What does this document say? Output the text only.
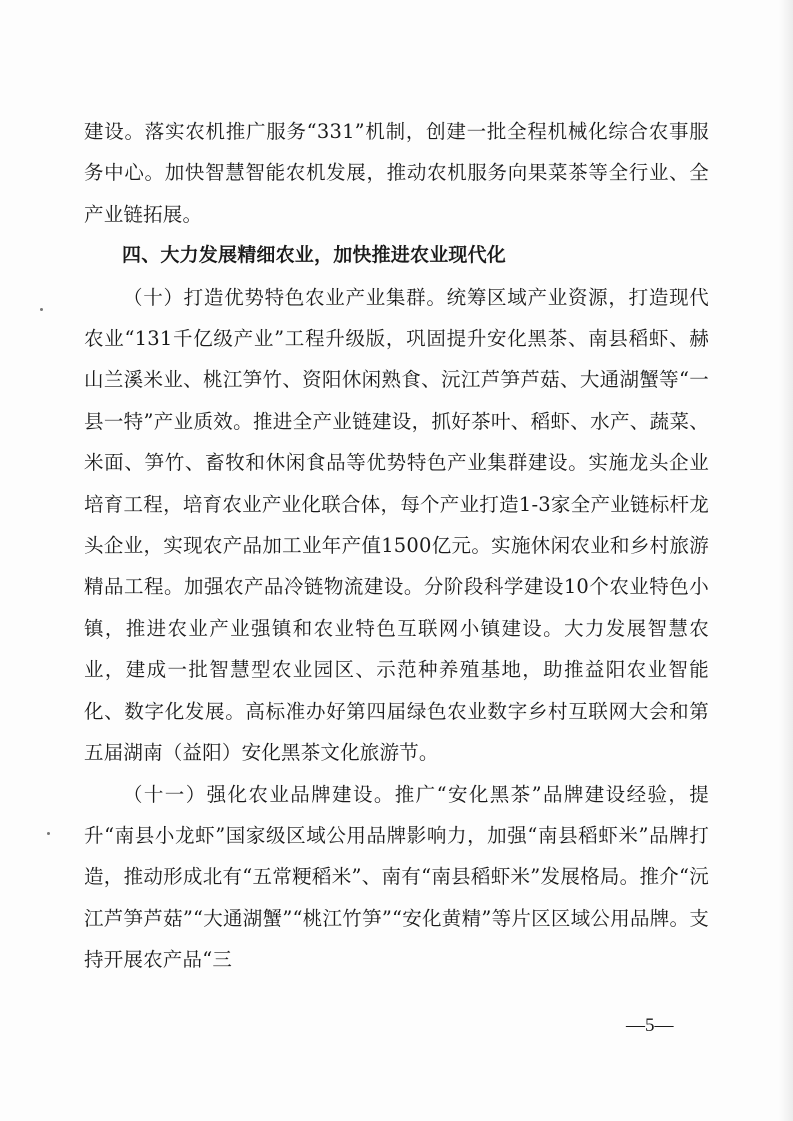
建设。落实农机推广服务“331”机制，创建一批全程机械化综合农事服务中心。加快智慧智能农机发展，推动农机服务向果菜茶等全行业、全产业链拓展。

四、大力发展精细农业，加快推进农业现代化

（十）打造优势特色农业产业集群。统筹区域产业资源，打造现代农业“131千亿级产业”工程升级版，巩固提升安化黑茶、南县稻虾、赫山兰溪米业、桃江笋竹、资阳休闲熟食、沅江芦笋芦菇、大通湖蟹等“一县一特”产业质效。推进全产业链建设，抓好茶叶、稻虾、水产、蔬菜、米面、笋竹、畜牧和休闲食品等优势特色产业集群建设。实施龙头企业培育工程，培育农业产业化联合体，每个产业打造1-3家全产业链标杆龙头企业，实现农产品加工业年产值1500亿元。实施休闲农业和乡村旅游精品工程。加强农产品冷链物流建设。分阶段科学建设10个农业特色小镇，推进农业产业强镇和农业特色互联网小镇建设。大力发展智慧农业，建成一批智慧型农业园区、示范种养殖基地，助推益阳农业智能化、数字化发展。高标准办好第四届绿色农业数字乡村互联网大会和第五届湖南（益阳）安化黑茶文化旅游节。

（十一）强化农业品牌建设。推广“安化黑茶”品牌建设经验，提升“南县小龙虾”国家级区域公用品牌影响力，加强“南县稻虾米”品牌打造，推动形成北有“五常粳稻米”、南有“南县稻虾米”发展格局。推介“沅江芦笋芦菇”“大通湖蟹”“桃江竹笋”“安化黄精”等片区区域公用品牌。支持开展农产品“三

—5—
